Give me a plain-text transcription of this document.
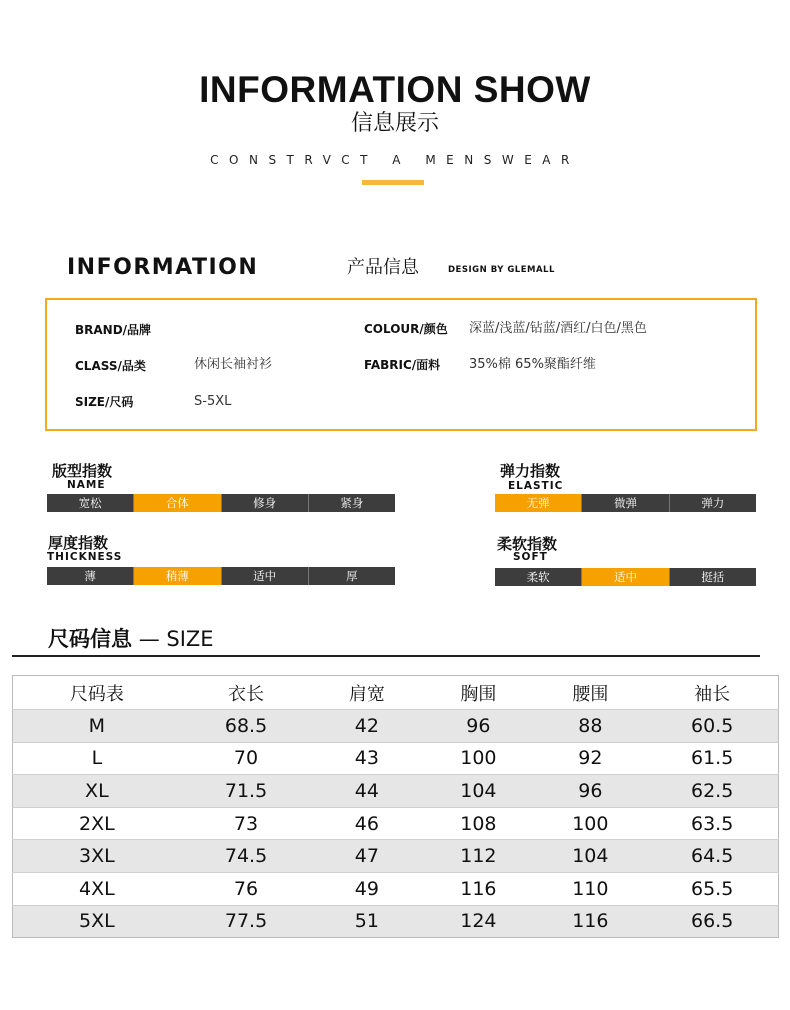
INFORMATION SHOW
信息展示
CONSTRVCT A MENSWEAR
INFORMATION	产品信息	DESIGN BY GLEMALL
BRAND/品牌
CLASS/品类	休闲长袖衬衫
SIZE/尺码	S-5XL
COLOUR/颜色 深蓝/浅蓝/钻蓝/酒红/白色/黑色
FABRIC/面料 35%棉 65%聚酯纤维
版型指数
NAME
宽松	合体	修身	紧身
弹力指数
ELASTIC
无弹	微弹	弹力
厚度指数
THICKNESS
薄	稍薄	适中	厚
柔软指数
SOFT
柔软	适中	挺括
尺码信息 — SIZE
尺码表	衣长	肩宽	胸围	腰围	袖长
M	68.5	42	96	88	60.5
L	70	43	100	92	61.5
XL	71.5	44	104	96	62.5
2XL	73	46	108	100	63.5
3XL	74.5	47	112	104	64.5
4XL	76	49	116	110	65.5
5XL	77.5	51	124	116	66.5
